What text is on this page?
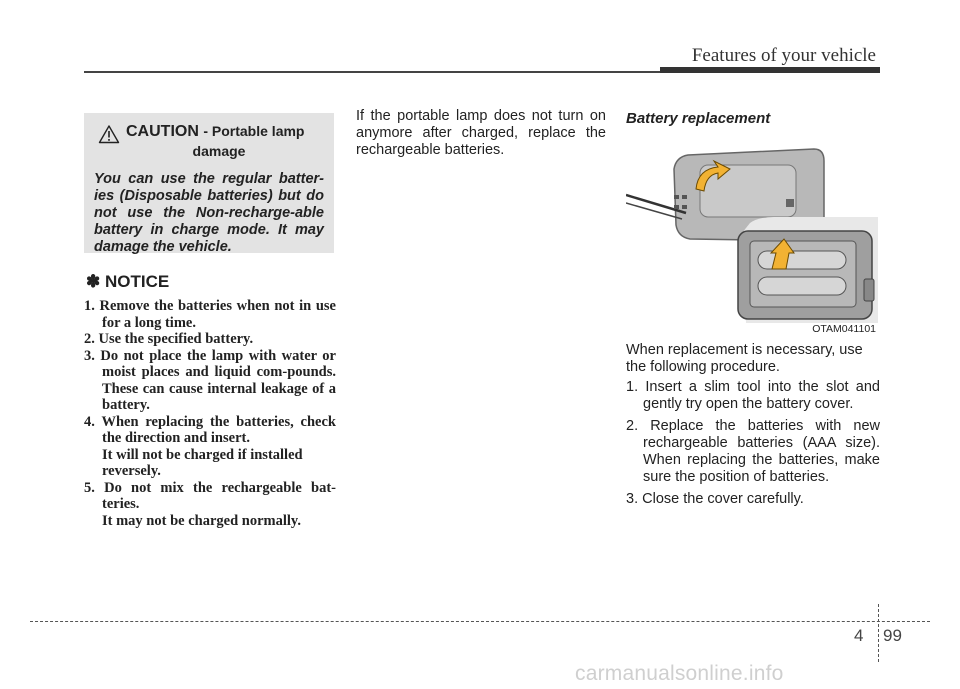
Features of your vehicle
CAUTION - Portable lamp
damage
You can use the regular batter-ies (Disposable batteries) but do not use the Non-recharge-able battery in charge mode. It may damage the vehicle.
✽ NOTICE
1. Remove the batteries when not in use for a long time.
2. Use the specified battery.
3. Do not place the lamp with water or moist places and liquid com-pounds. These can cause internal leakage of a battery.
4. When replacing the batteries, check the direction and insert.
It will not be charged if installed reversely.
5. Do not mix the rechargeable bat-teries.
It may not be charged normally.
If the portable lamp does not turn on anymore after charged, replace the rechargeable batteries.
Battery replacement
OTAM041101
When replacement is necessary, use the following procedure.
1. Insert a slim tool into the slot and gently try open the battery cover.
2. Replace the batteries with new rechargeable batteries (AAA size). When replacing the batteries, make sure the position of batteries.
3. Close the cover carefully.
4 99
carmanualsonline.info
